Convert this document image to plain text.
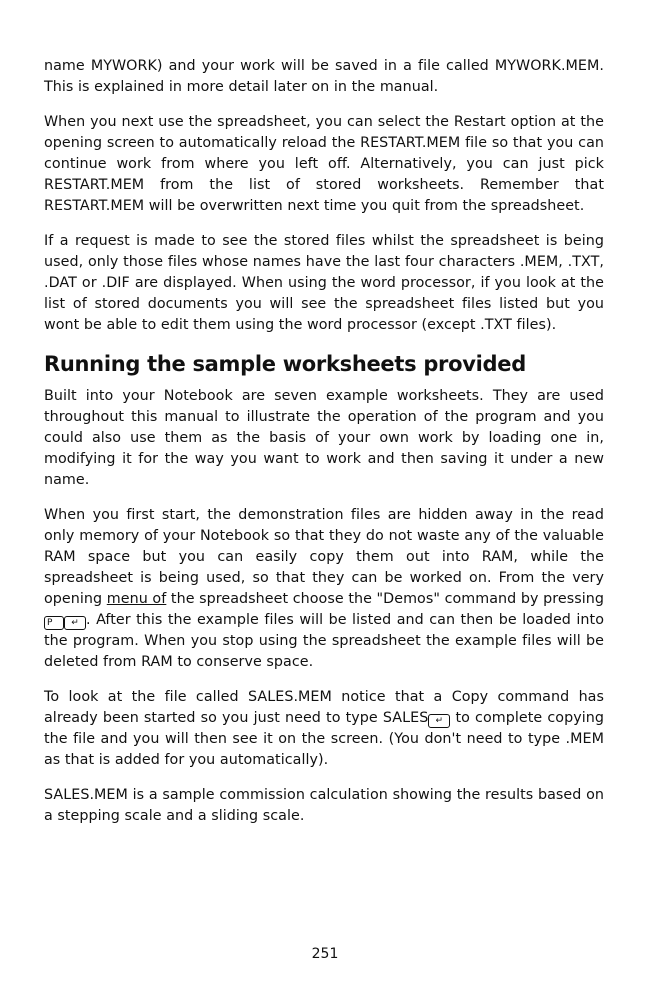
name MYWORK) and your work will be saved in a file called MYWORK.MEM. This is explained in more detail later on in the manual.

When you next use the spreadsheet, you can select the Restart option at the opening screen to automatically reload the RESTART.MEM file so that you can continue work from where you left off. Alternatively, you can just pick RESTART.MEM from the list of stored worksheets. Remember that RESTART.MEM will be overwritten next time you quit from the spreadsheet.

If a request is made to see the stored files whilst the spreadsheet is being used, only those files whose names have the last four characters .MEM, .TXT, .DAT or .DIF are displayed. When using the word processor, if you look at the list of stored documents you will see the spreadsheet files listed but you wont be able to edit them using the word processor (except .TXT files).

Running the sample worksheets provided

Built into your Notebook are seven example worksheets. They are used throughout this manual to illustrate the operation of the program and you could also use them as the basis of your own work by loading one in, modifying it for the way you want to work and then saving it under a new name.

When you first start, the demonstration files are hidden away in the read only memory of your Notebook so that they do not waste any of the valuable RAM space but you can easily copy them out into RAM, while the spreadsheet is being used, so that they can be worked on. From the very opening menu of the spreadsheet choose the "Demos" command by pressing P ↵ . After this the example files will be listed and can then be loaded into the program. When you stop using the spreadsheet the example files will be deleted from RAM to conserve space.

To look at the file called SALES.MEM notice that a Copy command has already been started so you just need to type SALES ↵ to complete copying the file and you will then see it on the screen. (You don't need to type .MEM as that is added for you automatically).

SALES.MEM is a sample commission calculation showing the results based on a stepping scale and a sliding scale.

251
